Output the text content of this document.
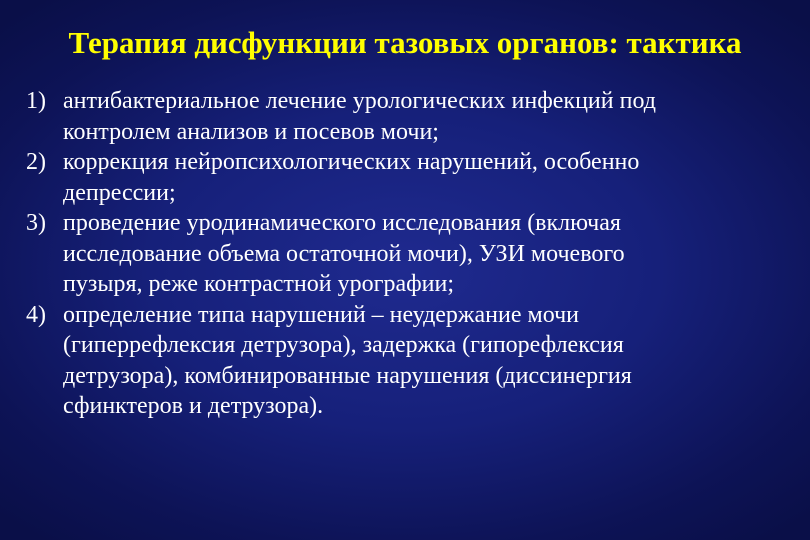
Терапия дисфункции тазовых органов: тактика
1) антибактериальное лечение урологических инфекций под
контролем анализов и посевов мочи;
2) коррекция нейропсихологических нарушений, особенно
депрессии;
3) проведение уродинамического исследования (включая
исследование объема остаточной мочи), УЗИ мочевого
пузыря, реже контрастной урографии;
4) определение типа нарушений – неудержание мочи
(гиперрефлексия детрузора), задержка (гипорефлексия
детрузора), комбинированные нарушения (диссинергия
сфинктеров и детрузора).
